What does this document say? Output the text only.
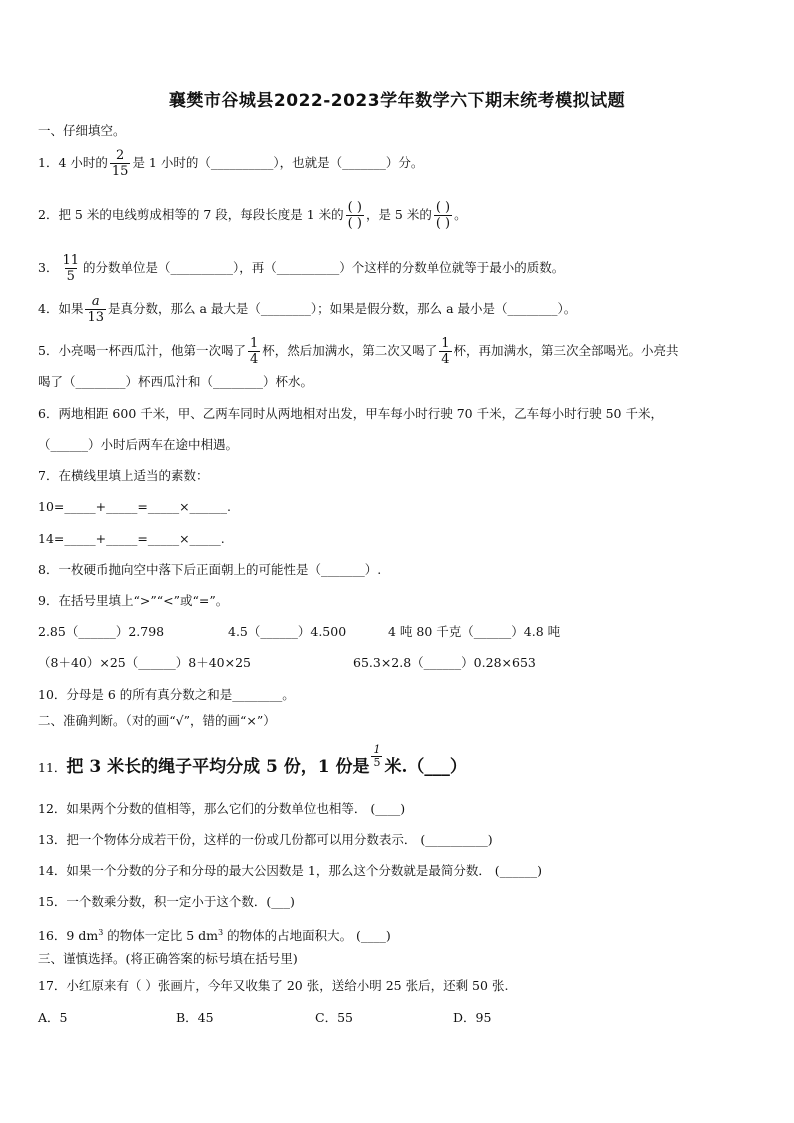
襄樊市谷城县2022-2023学年数学六下期末统考模拟试题
一、仔细填空。
1．4 小时的 $\frac{2}{15}$ 是 1 小时的（__________），也就是（_______）分。
2．把 5 米的电线剪成相等的 7 段，每段长度是 1 米的 $\frac{( )}{( )}$ ，是 5 米的 $\frac{( )}{( )}$ 。
3． $\frac{11}{5}$ 的分数单位是（__________），再（__________）个这样的分数单位就等于最小的质数。
4．如果 $\frac{a}{13}$ 是真分数，那么 a 最大是（________）；如果是假分数，那么 a 最小是（________）。
5．小亮喝一杯西瓜汁，他第一次喝了 $\frac{1}{4}$ 杯，然后加满水，第二次又喝了 $\frac{1}{4}$ 杯，再加满水，第三次全部喝光。小亮共
喝了（________）杯西瓜汁和（________）杯水。
6．两地相距 600 千米，甲、乙两车同时从两地相对出发，甲车每小时行驶 70 千米，乙车每小时行驶 50 千米，
（______）小时后两车在途中相遇。
7．在横线里填上适当的素数：
10=_____+_____=_____×______.
14=_____+_____=_____×_____.
8．一枚硬币抛向空中落下后正面朝上的可能性是（_______）.
9．在括号里填上“>”“<”或“=”。
2.85（______）2.798	4.5（______）4.500	4 吨 80 千克（______）4.8 吨
（8＋40）×25（______）8＋40×25	65.3×2.8（______）0.28×653
10．分母是 6 的所有真分数之和是________。
二、准确判断。（对的画“√”，错的画“×”）
11．把 3 米长的绳子平均分成 5 份，1 份是 $\frac{1}{5}$ 米.（___）
12．如果两个分数的值相等，那么它们的分数单位也相等． (____)
13．把一个物体分成若干份，这样的一份或几份都可以用分数表示． (__________)
14．如果一个分数的分子和分母的最大公因数是 1，那么这个分数就是最简分数． (______)
15．一个数乘分数，积一定小于这个数．(___)
16．9 $dm^3$ 的物体一定比 5 $dm^3$ 的物体的占地面积大。 (____)
三、谨慎选择。(将正确答案的标号填在括号里)
17．小红原来有（ ）张画片，今年又收集了 20 张，送给小明 25 张后，还剩 50 张.
A．5	B．45	C．55	D．95
